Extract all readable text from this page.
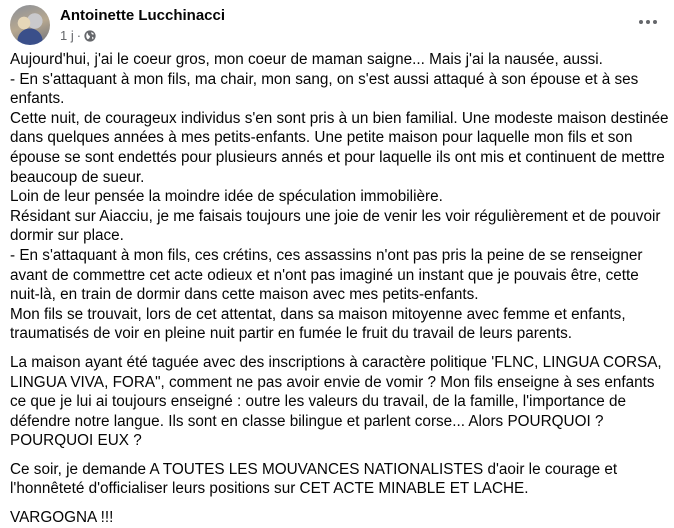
Antoinette Lucchinacci
1 j ·

Aujourd'hui, j'ai le coeur gros, mon coeur de maman saigne... Mais j'ai la nausée, aussi.

- En s'attaquant à mon fils, ma chair, mon sang, on s'est aussi attaqué à son épouse et à ses enfants.

Cette nuit, de courageux individus s'en sont pris à un bien familial. Une modeste maison destinée dans quelques années à mes petits-enfants. Une petite maison pour laquelle mon fils et son épouse se sont endettés pour plusieurs annés et pour laquelle ils ont mis et continuent de mettre beaucoup de sueur.

Loin de leur pensée la moindre idée de spéculation immobilière.

Résidant sur Aiacciu, je me faisais toujours une joie de venir les voir régulièrement et de pouvoir dormir sur place.

- En s'attaquant à mon fils, ces crétins, ces assassins n'ont pas pris la peine de se renseigner avant de commettre cet acte odieux et n'ont pas imaginé un instant que je pouvais être, cette nuit-là, en train de dormir dans cette maison avec mes petits-enfants.

Mon fils se trouvait, lors de cet attentat, dans sa maison mitoyenne avec femme et enfants, traumatisés de voir en pleine nuit partir en fumée le fruit du travail de leurs parents.

La maison ayant été taguée avec des inscriptions à caractère politique 'FLNC, LINGUA CORSA, LINGUA VIVA, FORA", comment ne pas avoir envie de vomir ? Mon fils enseigne à ses enfants ce que je lui ai toujours enseigné : outre les valeurs du travail, de la famille, l'importance de défendre notre langue. Ils sont en classe bilingue et parlent corse... Alors POURQUOI ? POURQUOI EUX ?

Ce soir, je demande A TOUTES LES MOUVANCES NATIONALISTES d'aoir le courage et l'honnêteté d'officialiser leurs positions sur CET ACTE MINABLE ET LACHE.

VARGOGNA !!!
